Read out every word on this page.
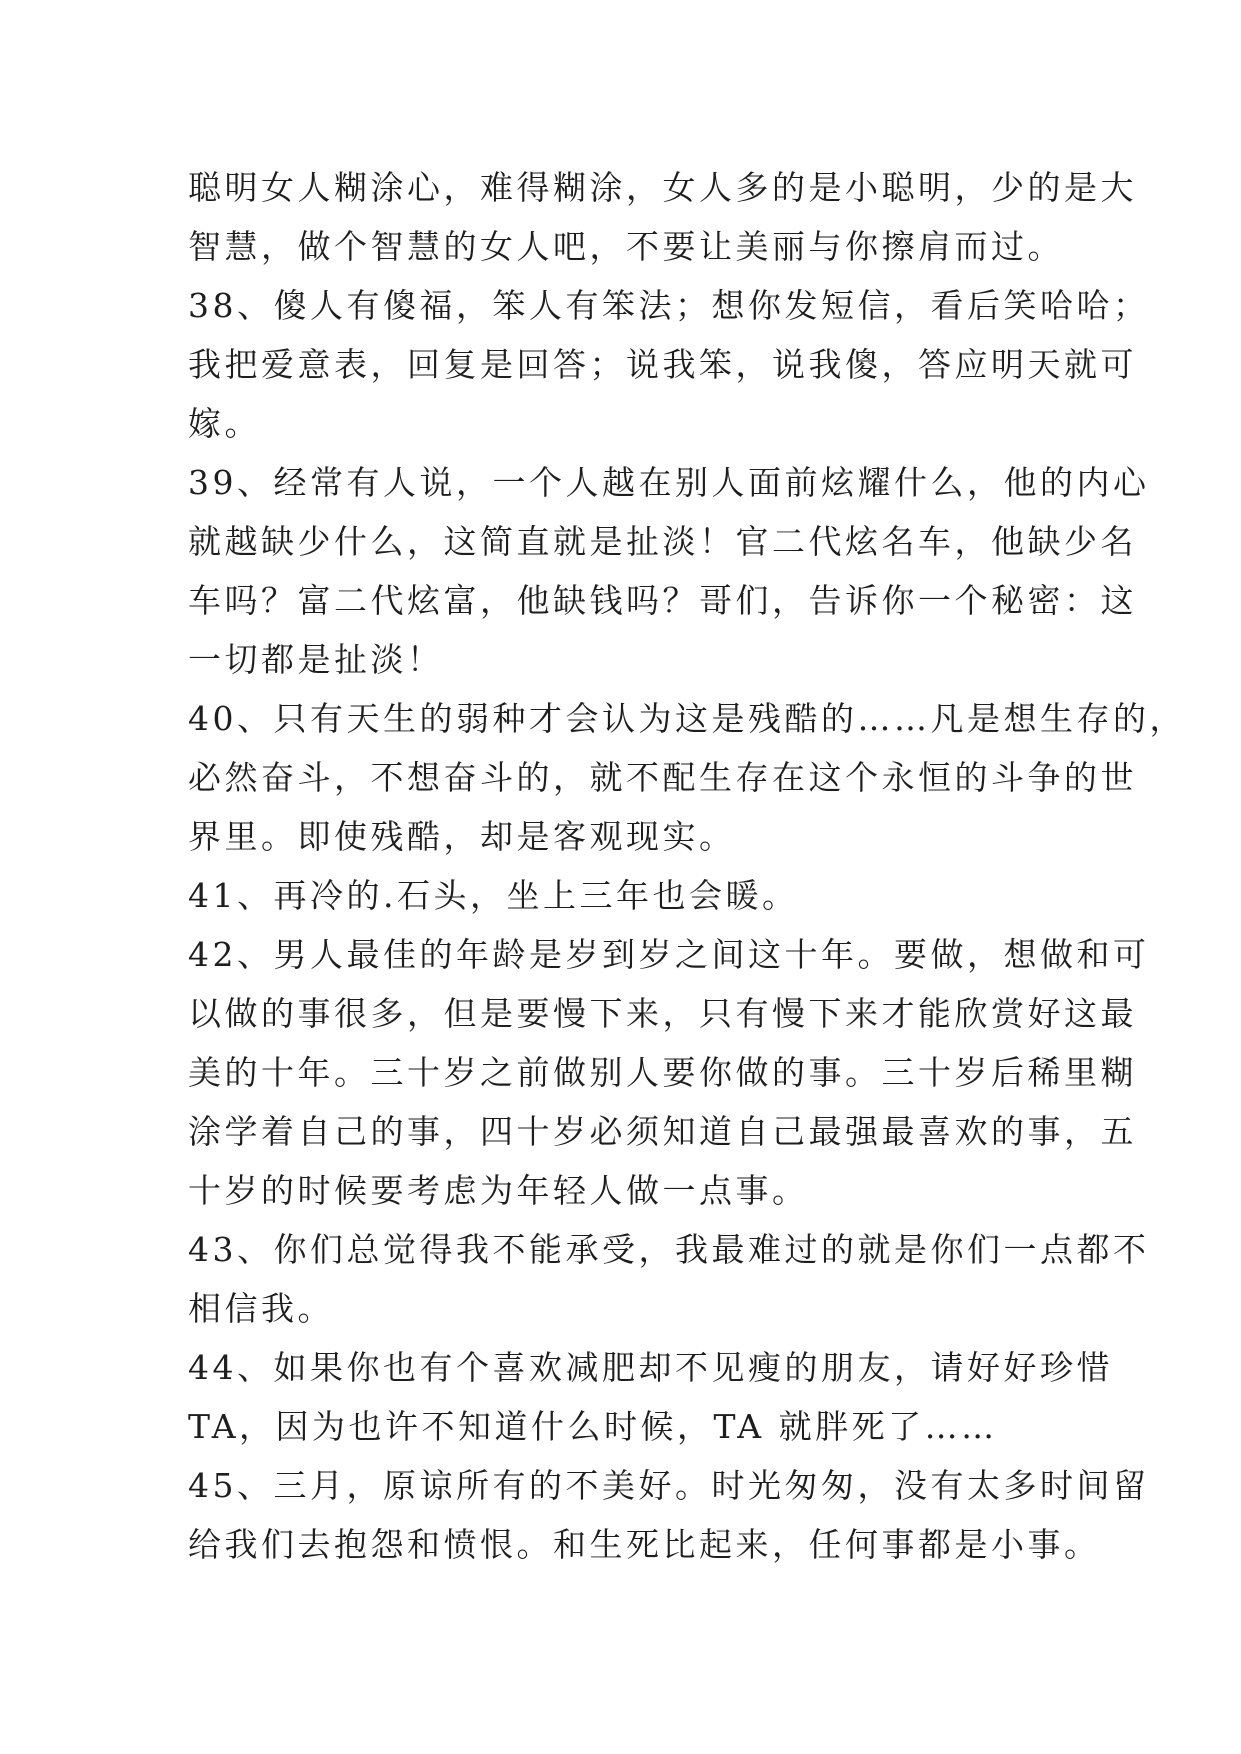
聪明女人糊涂心，难得糊涂，女人多的是小聪明，少的是大
智慧，做个智慧的女人吧，不要让美丽与你擦肩而过。
38、傻人有傻福，笨人有笨法；想你发短信，看后笑哈哈；
我把爱意表，回复是回答；说我笨，说我傻，答应明天就可
嫁。
39、经常有人说，一个人越在别人面前炫耀什么，他的内心
就越缺少什么，这简直就是扯淡！官二代炫名车，他缺少名
车吗？富二代炫富，他缺钱吗？哥们，告诉你一个秘密：这
一切都是扯淡！
40、只有天生的弱种才会认为这是残酷的……凡是想生存的，
必然奋斗，不想奋斗的，就不配生存在这个永恒的斗争的世
界里。即使残酷，却是客观现实。
41、再冷的.石头，坐上三年也会暖。
42、男人最佳的年龄是岁到岁之间这十年。要做，想做和可
以做的事很多，但是要慢下来，只有慢下来才能欣赏好这最
美的十年。三十岁之前做别人要你做的事。三十岁后稀里糊
涂学着自己的事，四十岁必须知道自己最强最喜欢的事，五
十岁的时候要考虑为年轻人做一点事。
43、你们总觉得我不能承受，我最难过的就是你们一点都不
相信我。
44、如果你也有个喜欢减肥却不见瘦的朋友，请好好珍惜
TA，因为也许不知道什么时候，TA 就胖死了……
45、三月，原谅所有的不美好。时光匆匆，没有太多时间留
给我们去抱怨和愤恨。和生死比起来，任何事都是小事。
